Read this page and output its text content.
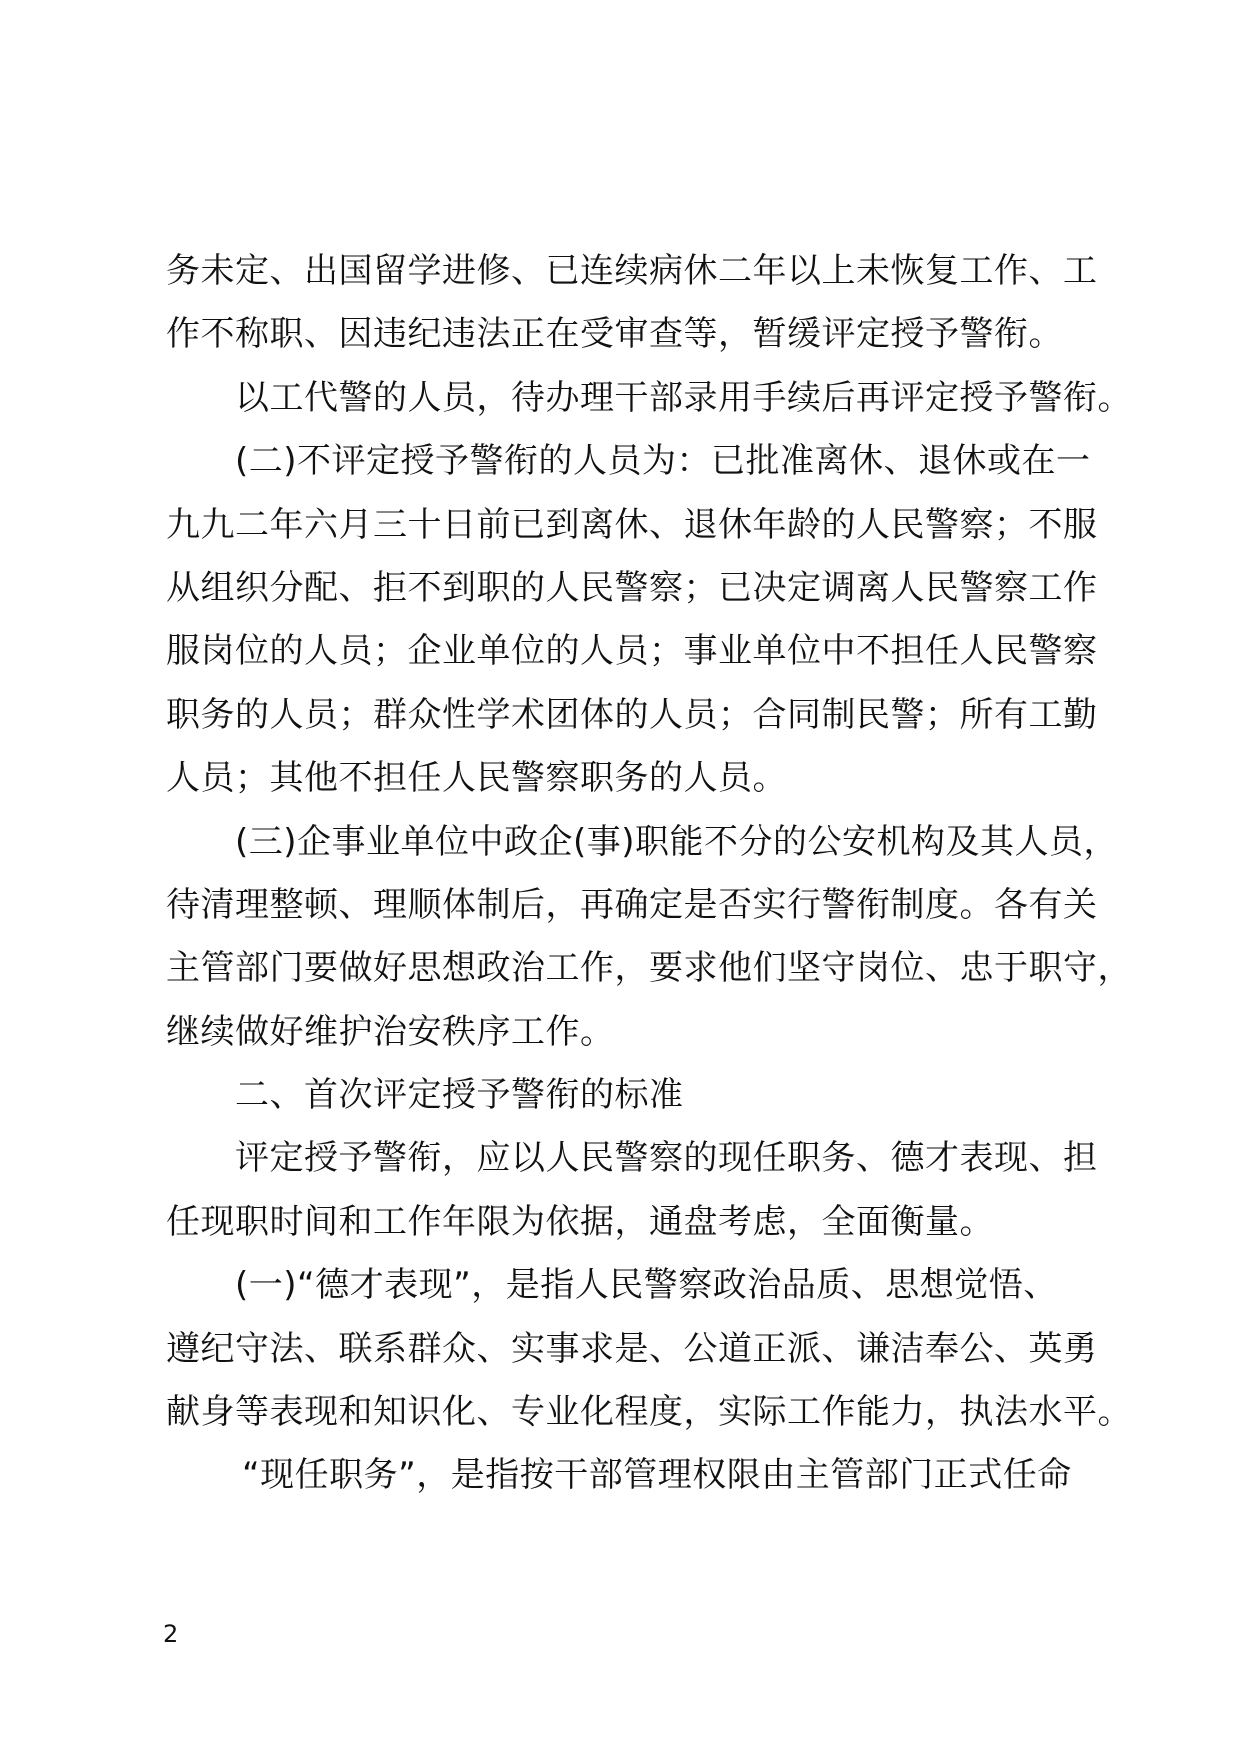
务未定、出国留学进修、已连续病休二年以上未恢复工作、工
作不称职、因违纪违法正在受审查等，暂缓评定授予警衔。
以工代警的人员，待办理干部录用手续后再评定授予警衔。
(二)不评定授予警衔的人员为：已批准离休、退休或在一
九九二年六月三十日前已到离休、退休年龄的人民警察；不服
从组织分配、拒不到职的人民警察；已决定调离人民警察工作
服岗位的人员；企业单位的人员；事业单位中不担任人民警察
职务的人员；群众性学术团体的人员；合同制民警；所有工勤
人员；其他不担任人民警察职务的人员。
(三)企事业单位中政企(事)职能不分的公安机构及其人员，
待清理整顿、理顺体制后，再确定是否实行警衔制度。各有关
主管部门要做好思想政治工作，要求他们坚守岗位、忠于职守，
继续做好维护治安秩序工作。
二、首次评定授予警衔的标准
评定授予警衔，应以人民警察的现任职务、德才表现、担
任现职时间和工作年限为依据，通盘考虑，全面衡量。
(一)“德才表现”，是指人民警察政治品质、思想觉悟、
遵纪守法、联系群众、实事求是、公道正派、谦洁奉公、英勇
献身等表现和知识化、专业化程度，实际工作能力，执法水平。
“现任职务”，是指按干部管理权限由主管部门正式任命
2
